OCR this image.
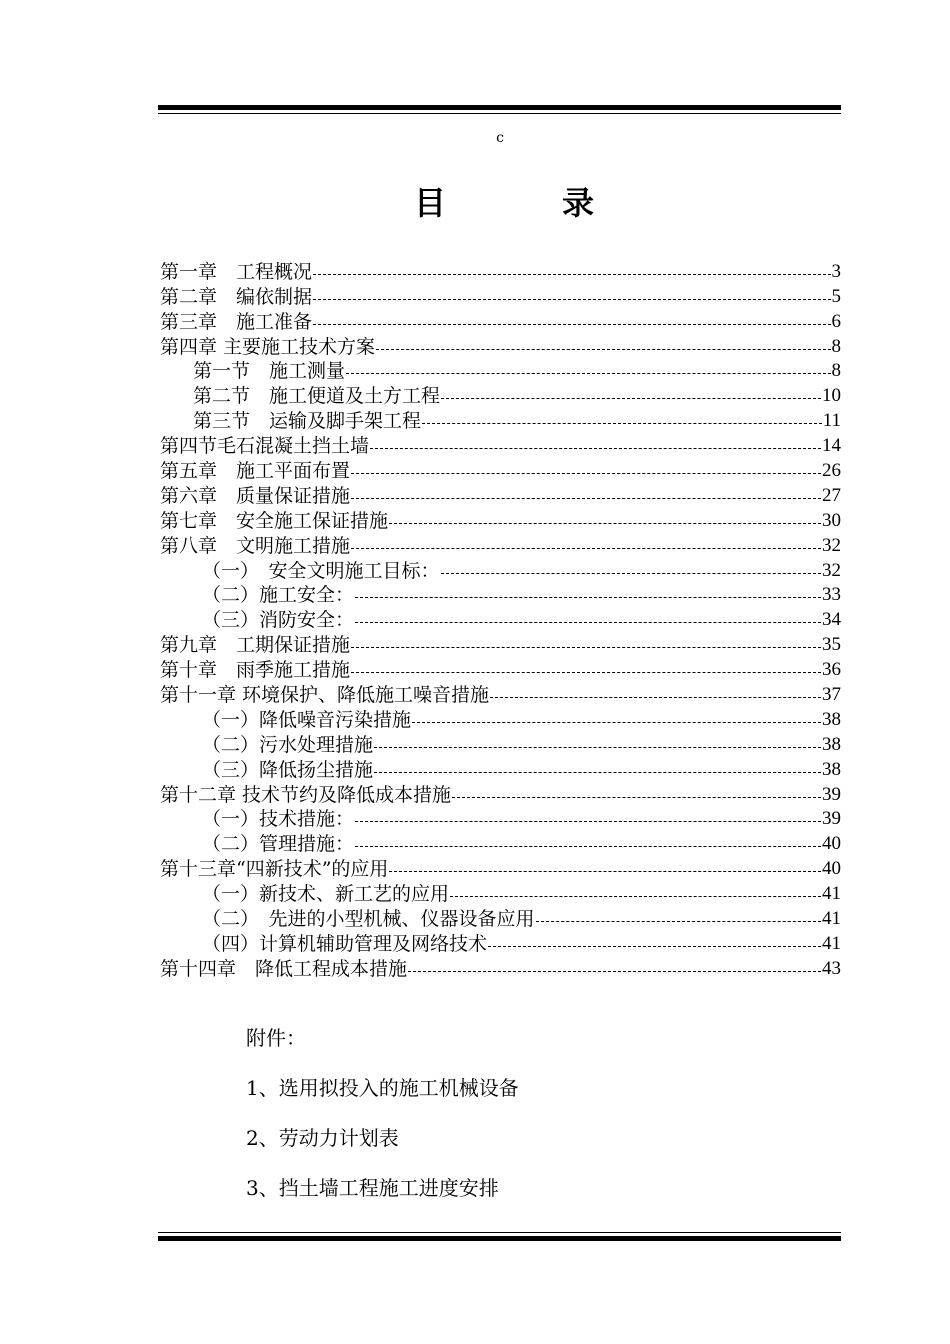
c
目	录
第一章　工程概况	3
第二章　编依制据	5
第三章　施工准备	6
第四章 主要施工技术方案	8
第一节　施工测量	8
第二节　施工便道及土方工程	10
第三节　运输及脚手架工程	11
第四节毛石混凝土挡土墙	14
第五章　施工平面布置	26
第六章　质量保证措施	27
第七章　安全施工保证措施	30
第八章　文明施工措施	32
（一）　安全文明施工目标：	32
（二）施工安全：	33
（三）消防安全：	34
第九章　工期保证措施	35
第十章　雨季施工措施	36
第十一章 环境保护、降低施工噪音措施	37
（一）降低噪音污染措施	38
（二）污水处理措施	38
（三）降低扬尘措施	38
第十二章 技术节约及降低成本措施	39
（一）技术措施：	39
（二）管理措施：	40
第十三章“四新技术”的应用	40
（一）新技术、新工艺的应用	41
（二）　先进的小型机械、仪器设备应用	41
（四）计算机辅助管理及网络技术	41
第十四章　降低工程成本措施	43
附件：
1、选用拟投入的施工机械设备
2、劳动力计划表
3、挡土墙工程施工进度安排
